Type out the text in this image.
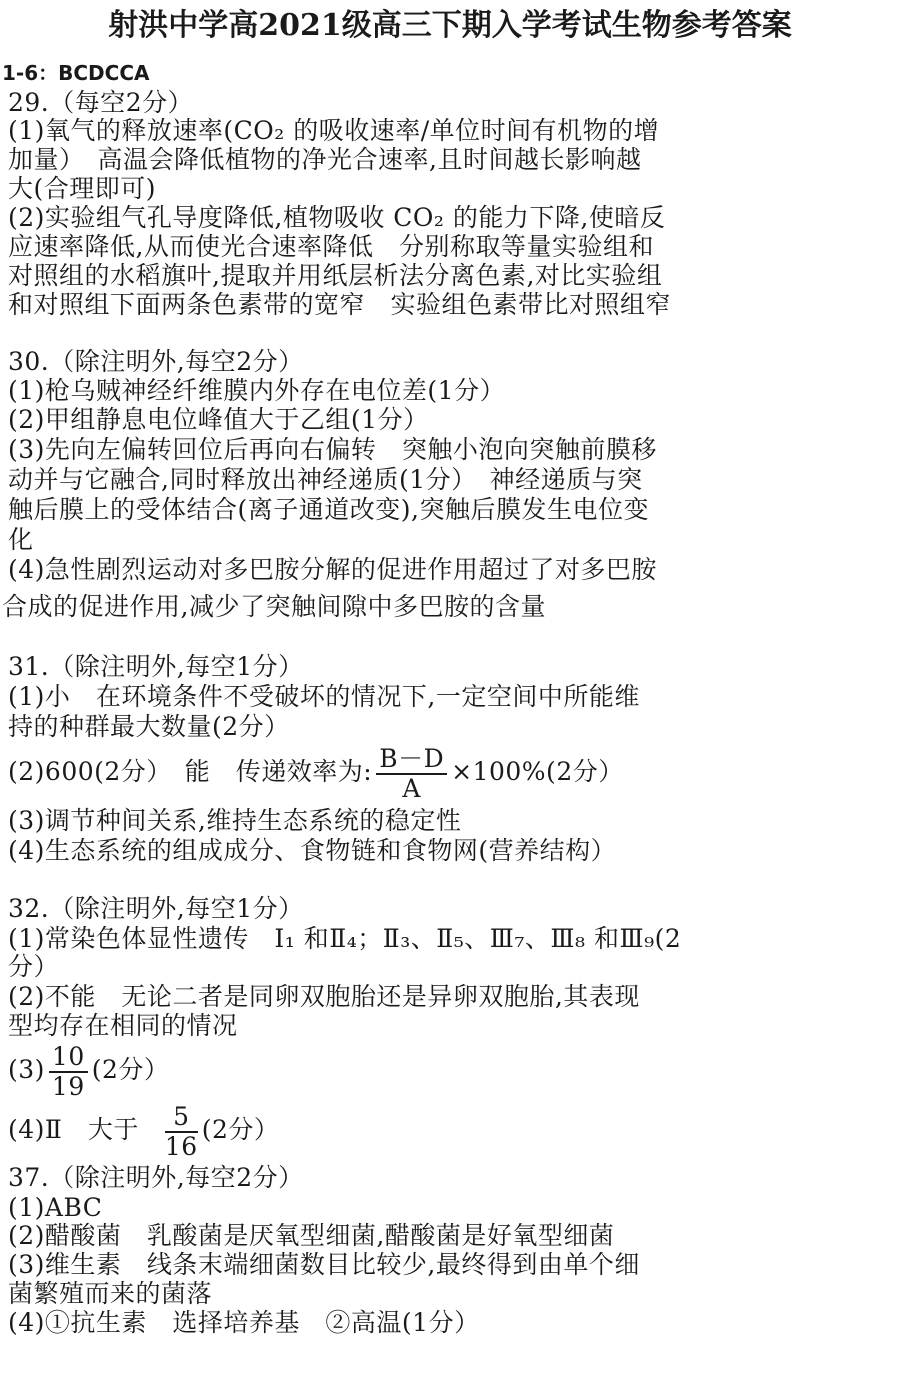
射洪中学高2021级高三下期入学考试生物参考答案
1-6：BCDCCA
29.（每空2分）
(1)氧气的释放速率(CO₂ 的吸收速率/单位时间有机物的增
加量）　高温会降低植物的净光合速率,且时间越长影响越
大(合理即可)
(2)实验组气孔导度降低,植物吸收 CO₂ 的能力下降,使暗反
应速率降低,从而使光合速率降低　分别称取等量实验组和
对照组的水稻旗叶,提取并用纸层析法分离色素,对比实验组
和对照组下面两条色素带的宽窄　实验组色素带比对照组窄
30.（除注明外,每空2分）
(1)枪乌贼神经纤维膜内外存在电位差(1分）
(2)甲组静息电位峰值大于乙组(1分）
(3)先向左偏转回位后再向右偏转　突触小泡向突触前膜移
动并与它融合,同时释放出神经递质(1分）　神经递质与突
触后膜上的受体结合(离子通道改变),突触后膜发生电位变
化
(4)急性剧烈运动对多巴胺分解的促进作用超过了对多巴胺
合成的促进作用,减少了突触间隙中多巴胺的含量
31.（除注明外,每空1分）
(1)小　在环境条件不受破坏的情况下,一定空间中所能维
持的种群最大数量(2分）
(2)600(2分）　能　传递效率为: $\frac{B-D}{A} \times 100\%(2$分）
(3)调节种间关系,维持生态系统的稳定性
(4)生态系统的组成成分、食物链和食物网(营养结构）
32.（除注明外,每空1分）
(1)常染色体显性遗传　Ⅰ₁ 和Ⅱ₄；Ⅱ₃、Ⅱ₅、Ⅲ₇、Ⅲ₈ 和Ⅲ₉(2
分）
(2)不能　无论二者是同卵双胞胎还是异卵双胞胎,其表现
型均存在相同的情况
$(3) \frac{10}{19} (2$分）
(4)Ⅱ　大于 $\frac{5}{16} (2$分）
37.（除注明外,每空2分）
(1)ABC
(2)醋酸菌　乳酸菌是厌氧型细菌,醋酸菌是好氧型细菌
(3)维生素　线条末端细菌数目比较少,最终得到由单个细
菌繁殖而来的菌落
(4)①抗生素　选择培养基　②高温(1分）
